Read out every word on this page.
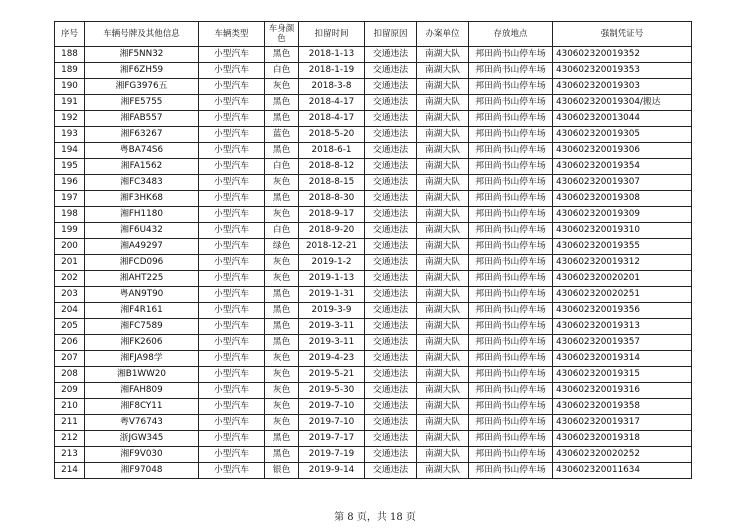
序号	车辆号牌及其他信息	车辆类型	车身颜色	扣留时间	扣留原因	办案单位	存放地点	强制凭证号
188	湘F5NN32	小型汽车	黑色	2018-1-13	交通违法	南湖大队	邦田尚书山停车场	430602320019352
189	湘F6ZH59	小型汽车	白色	2018-1-19	交通违法	南湖大队	邦田尚书山停车场	430602320019353
190	湘FG3976五	小型汽车	灰色	2018-3-8	交通违法	南湖大队	邦田尚书山停车场	430602320019303
191	湘FE5755	小型汽车	黑色	2018-4-17	交通违法	南湖大队	邦田尚书山停车场	430602320019304/搬达
192	湘FAB557	小型汽车	黑色	2018-4-17	交通违法	南湖大队	邦田尚书山停车场	430602320013044
193	湘F63267	小型汽车	蓝色	2018-5-20	交通违法	南湖大队	邦田尚书山停车场	430602320019305
194	粤BA74S6	小型汽车	黑色	2018-6-1	交通违法	南湖大队	邦田尚书山停车场	430602320019306
195	湘FA1562	小型汽车	白色	2018-8-12	交通违法	南湖大队	邦田尚书山停车场	430602320019354
196	湘FC3483	小型汽车	灰色	2018-8-15	交通违法	南湖大队	邦田尚书山停车场	430602320019307
197	湘F3HK68	小型汽车	黑色	2018-8-30	交通违法	南湖大队	邦田尚书山停车场	430602320019308
198	湘FH1180	小型汽车	灰色	2018-9-17	交通违法	南湖大队	邦田尚书山停车场	430602320019309
199	湘F6U432	小型汽车	白色	2018-9-20	交通违法	南湖大队	邦田尚书山停车场	430602320019310
200	湘A49297	小型汽车	绿色	2018-12-21	交通违法	南湖大队	邦田尚书山停车场	430602320019355
201	湘FCD096	小型汽车	灰色	2019-1-2	交通违法	南湖大队	邦田尚书山停车场	430602320019312
202	湘AHT225	小型汽车	灰色	2019-1-13	交通违法	南湖大队	邦田尚书山停车场	430602320020201
203	粤AN9T90	小型汽车	黑色	2019-1-31	交通违法	南湖大队	邦田尚书山停车场	430602320020251
204	湘F4R161	小型汽车	黑色	2019-3-9	交通违法	南湖大队	邦田尚书山停车场	430602320019356
205	湘FC7589	小型汽车	黑色	2019-3-11	交通违法	南湖大队	邦田尚书山停车场	430602320019313
206	湘FK2606	小型汽车	黑色	2019-3-11	交通违法	南湖大队	邦田尚书山停车场	430602320019357
207	湘FJA98学	小型汽车	灰色	2019-4-23	交通违法	南湖大队	邦田尚书山停车场	430602320019314
208	湘B1WW20	小型汽车	灰色	2019-5-21	交通违法	南湖大队	邦田尚书山停车场	430602320019315
209	湘FAH809	小型汽车	灰色	2019-5-30	交通违法	南湖大队	邦田尚书山停车场	430602320019316
210	湘F8CY11	小型汽车	灰色	2019-7-10	交通违法	南湖大队	邦田尚书山停车场	430602320019358
211	粤V76743	小型汽车	灰色	2019-7-10	交通违法	南湖大队	邦田尚书山停车场	430602320019317
212	浙JGW345	小型汽车	黑色	2019-7-17	交通违法	南湖大队	邦田尚书山停车场	430602320019318
213	湘F9V030	小型汽车	黑色	2019-7-19	交通违法	南湖大队	邦田尚书山停车场	430602320020252
214	湘F97048	小型汽车	银色	2019-9-14	交通违法	南湖大队	邦田尚书山停车场	430602320011634
第 8 页，共 18 页
